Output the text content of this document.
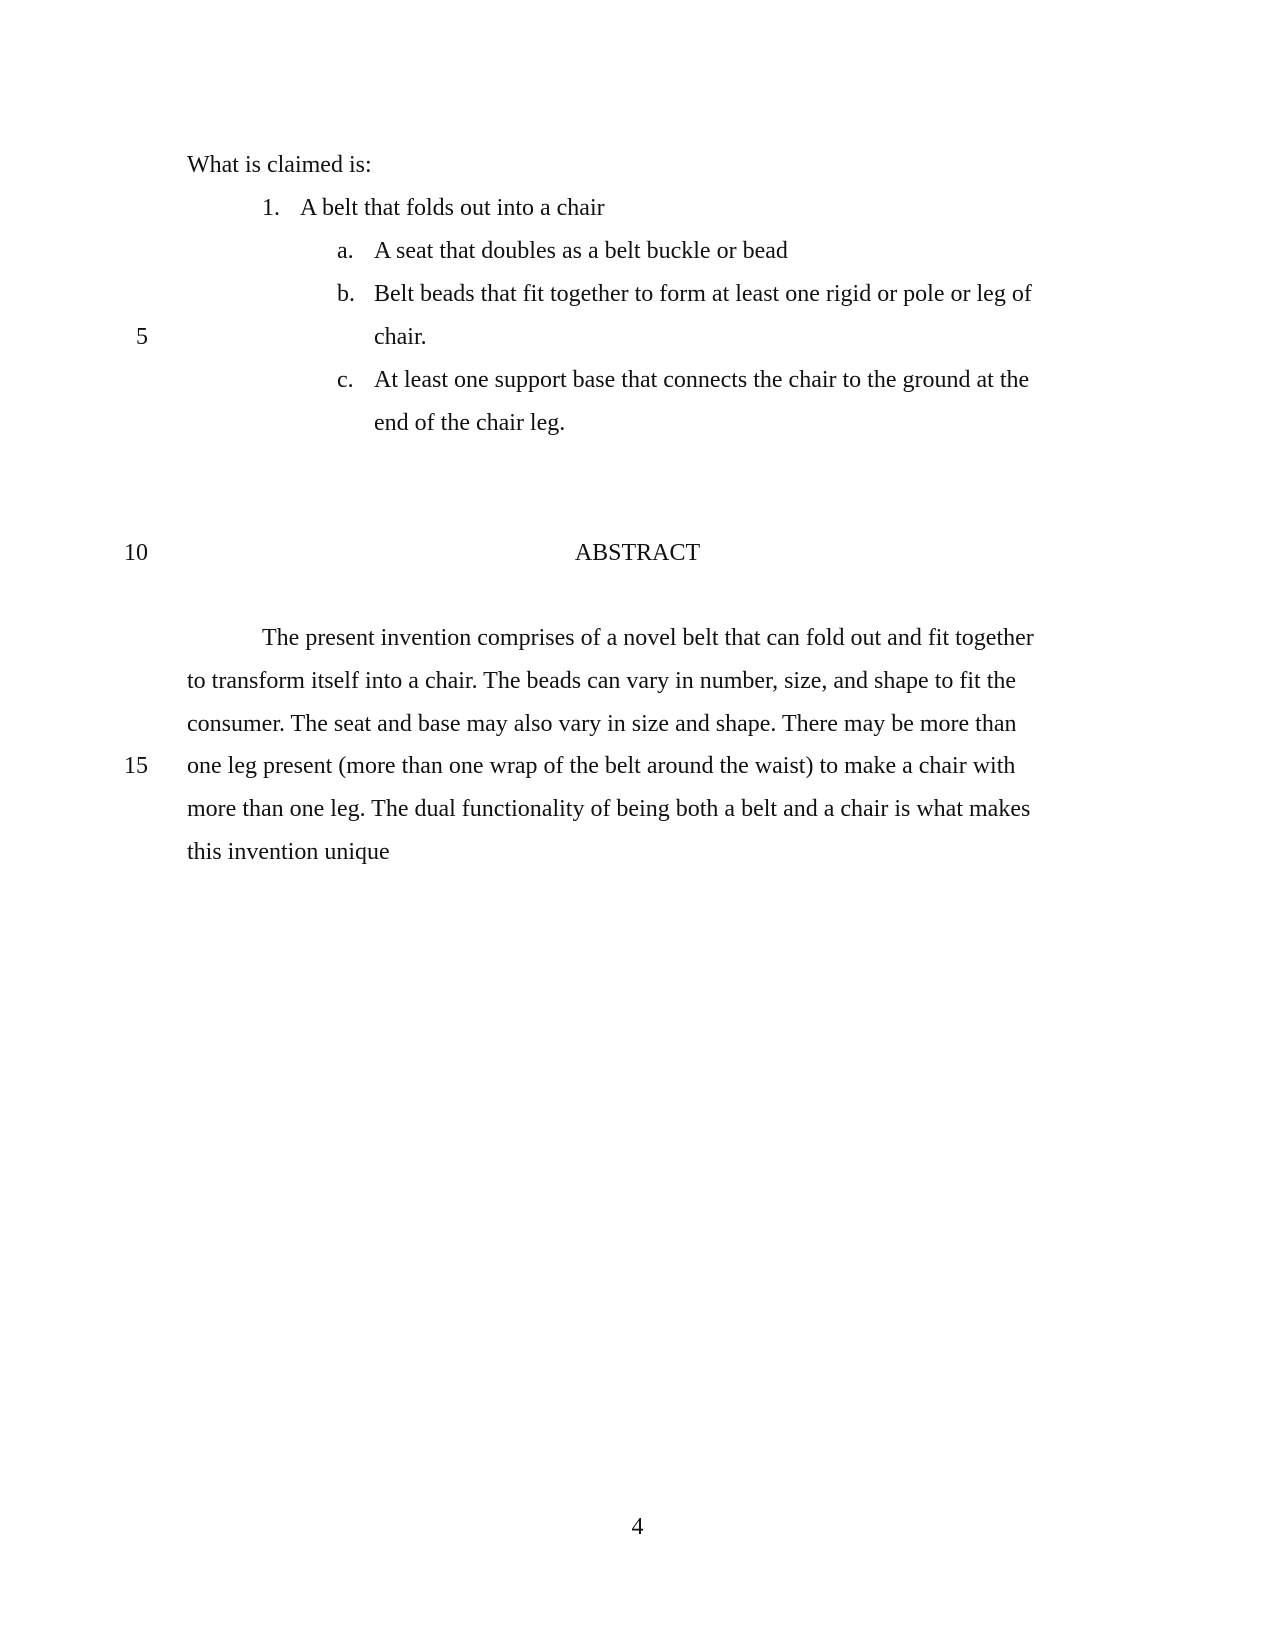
What is claimed is:
1. A belt that folds out into a chair
a. A seat that doubles as a belt buckle or bead
b. Belt beads that fit together to form at least one rigid or pole or leg of
chair.
c. At least one support base that connects the chair to the ground at the
end of the chair leg.
5
10
15
ABSTRACT
The present invention comprises of a novel belt that can fold out and fit together
to transform itself into a chair. The beads can vary in number, size, and shape to fit the
consumer. The seat and base may also vary in size and shape. There may be more than
one leg present (more than one wrap of the belt around the waist) to make a chair with
more than one leg. The dual functionality of being both a belt and a chair is what makes
this invention unique
4
